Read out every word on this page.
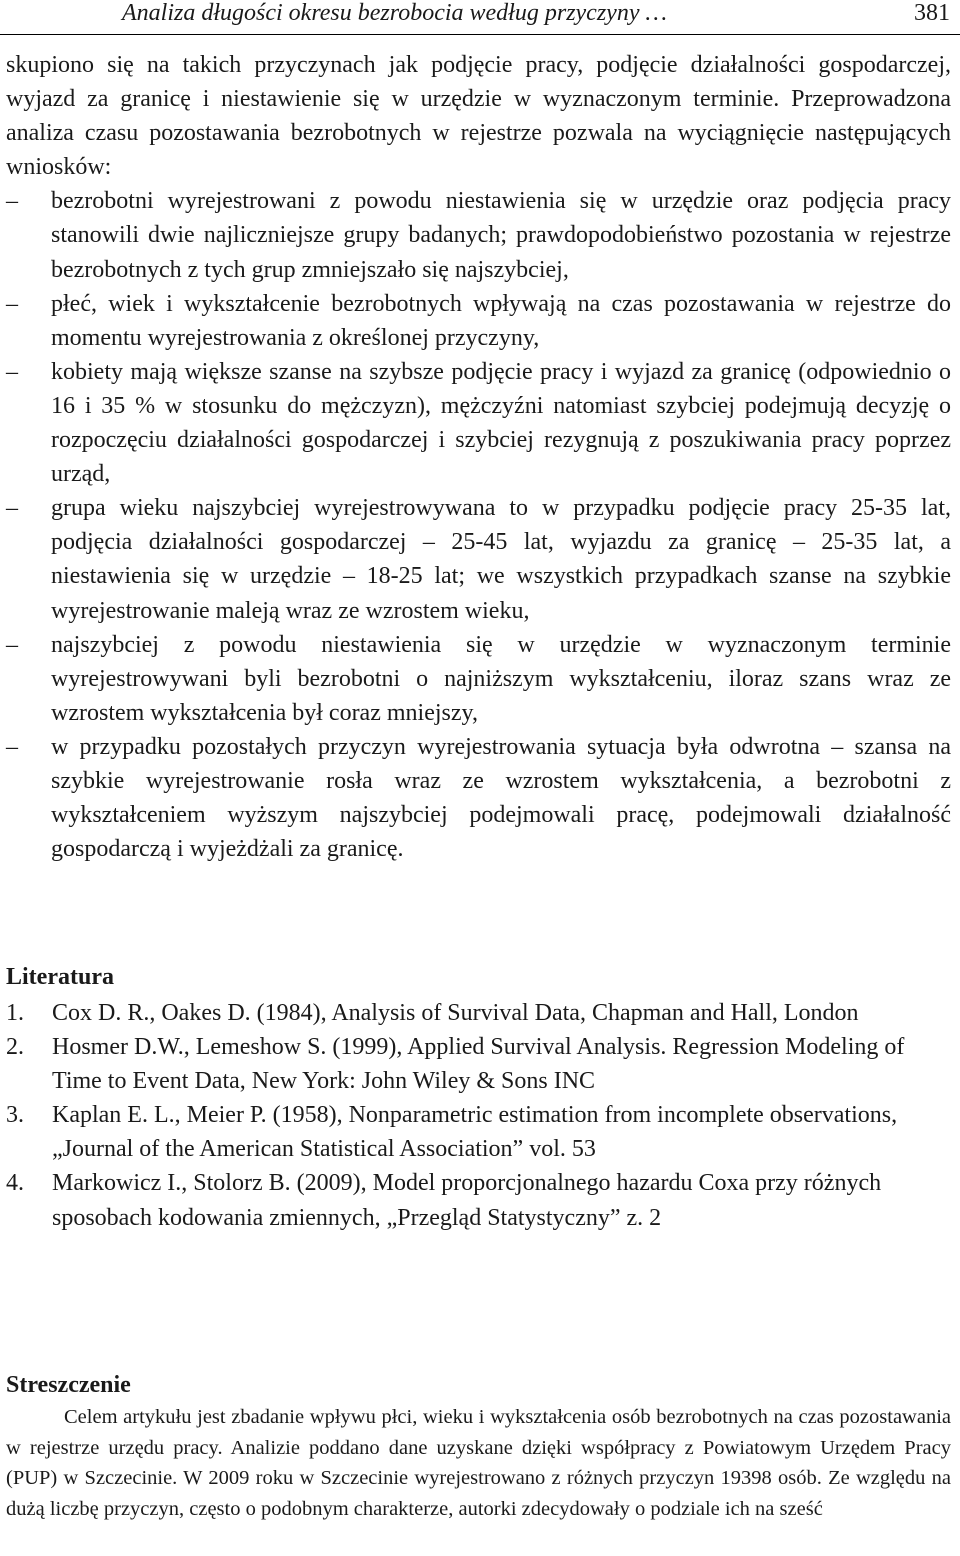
Analiza długości okresu bezrobocia według przyczyny …	381

skupiono się na takich przyczynach jak podjęcie pracy, podjęcie działalności gospodarczej, wyjazd za granicę i niestawienie się w urzędzie w wyznaczonym terminie. Przeprowadzona analiza czasu pozostawania bezrobotnych w rejestrze pozwala na wyciągnięcie następujących wniosków:

– bezrobotni wyrejestrowani z powodu niestawienia się w urzędzie oraz podjęcia pracy stanowili dwie najliczniejsze grupy badanych; prawdopodobieństwo pozostania w rejestrze bezrobotnych z tych grup zmniejszało się najszybciej,
– płeć, wiek i wykształcenie bezrobotnych wpływają na czas pozostawania w rejestrze do momentu wyrejestrowania z określonej przyczyny,
– kobiety mają większe szanse na szybsze podjęcie pracy i wyjazd za granicę (odpowiednio o 16 i 35 % w stosunku do mężczyzn), mężczyźni natomiast szybciej podejmują decyzję o rozpoczęciu działalności gospodarczej i szybciej rezygnują z poszukiwania pracy poprzez urząd,
– grupa wieku najszybciej wyrejestrowywana to w przypadku podjęcie pracy 25-35 lat, podjęcia działalności gospodarczej – 25-45 lat, wyjazdu za granicę – 25-35 lat, a niestawienia się w urzędzie – 18-25 lat; we wszystkich przypadkach szanse na szybkie wyrejestrowanie maleją wraz ze wzrostem wieku,
– najszybciej z powodu niestawienia się w urzędzie w wyznaczonym terminie wyrejestrowywani byli bezrobotni o najniższym wykształceniu, iloraz szans wraz ze wzrostem wykształcenia był coraz mniejszy,
– w przypadku pozostałych przyczyn wyrejestrowania sytuacja była odwrotna – szansa na szybkie wyrejestrowanie rosła wraz ze wzrostem wykształcenia, a bezrobotni z wykształceniem wyższym najszybciej podejmowali pracę, podejmowali działalność gospodarczą i wyjeżdżali za granicę.
Literatura
1. Cox D. R., Oakes D. (1984), Analysis of Survival Data, Chapman and Hall, London
2. Hosmer D.W., Lemeshow S. (1999), Applied Survival Analysis. Regression Modeling of Time to Event Data, New York: John Wiley & Sons INC
3. Kaplan E. L., Meier P. (1958), Nonparametric estimation from incomplete observations, „Journal of the American Statistical Association” vol. 53
4. Markowicz I., Stolorz B. (2009), Model proporcjonalnego hazardu Coxa przy różnych sposobach kodowania zmiennych, „Przegląd Statystyczny” z. 2
Streszczenie

Celem artykułu jest zbadanie wpływu płci, wieku i wykształcenia osób bezrobotnych na czas pozostawania w rejestrze urzędu pracy. Analizie poddano dane uzyskane dzięki współpracy z Powiatowym Urzędem Pracy (PUP) w Szczecinie. W 2009 roku w Szczecinie wyrejestrowano z różnych przyczyn 19398 osób. Ze względu na dużą liczbę przyczyn, często o podobnym charakterze, autorki zdecydowały o podziale ich na sześć
